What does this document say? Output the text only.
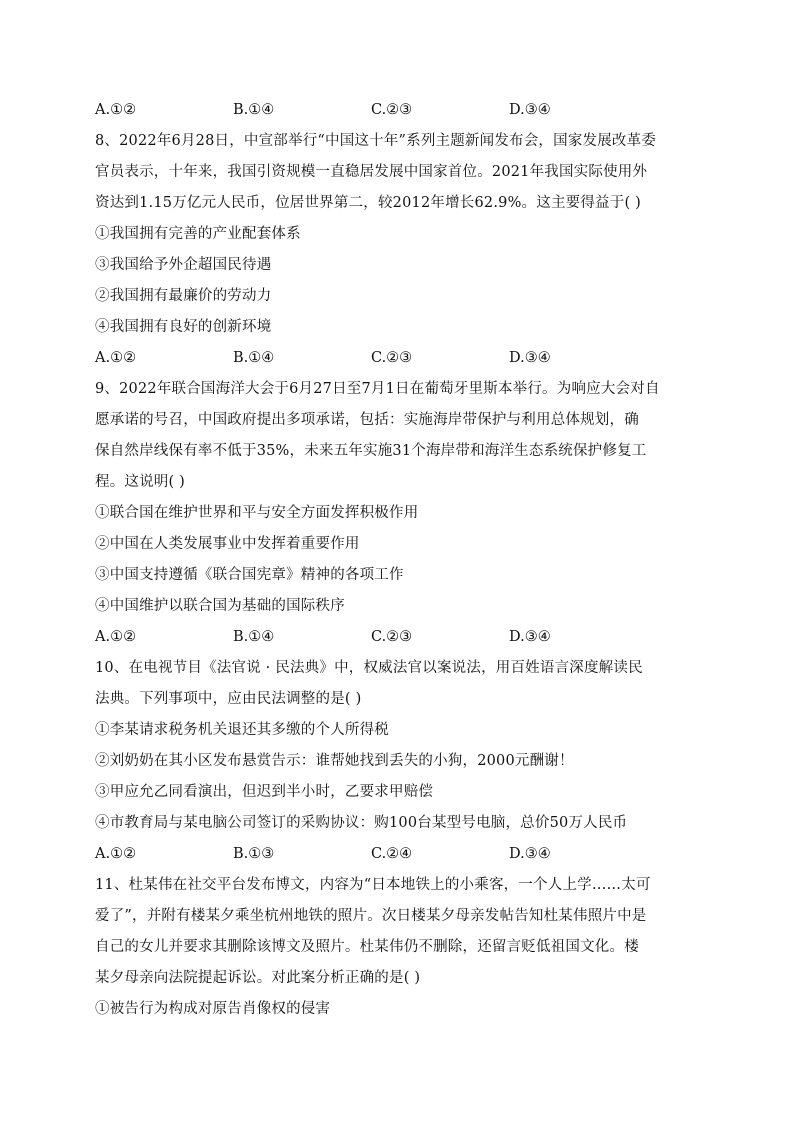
A.①②	B.①④	C.②③	D.③④
8、2022年6月28日，中宣部举行“中国这十年”系列主题新闻发布会，国家发展改革委
官员表示，十年来，我国引资规模一直稳居发展中国家首位。2021年我国实际使用外
资达到1.15万亿元人民币，位居世界第二，较2012年增长62.9%。这主要得益于( )
①我国拥有完善的产业配套体系
③我国给予外企超国民待遇
②我国拥有最廉价的劳动力
④我国拥有良好的创新环境
A.①②	B.①④	C.②③	D.③④
9、2022年联合国海洋大会于6月27日至7月1日在葡萄牙里斯本举行。为响应大会对自
愿承诺的号召，中国政府提出多项承诺，包括：实施海岸带保护与利用总体规划，确
保自然岸线保有率不低于35%，未来五年实施31个海岸带和海洋生态系统保护修复工
程。这说明( )
①联合国在维护世界和平与安全方面发挥积极作用
②中国在人类发展事业中发挥着重要作用
③中国支持遵循《联合国宪章》精神的各项工作
④中国维护以联合国为基础的国际秩序
A.①②	B.①④	C.②③	D.③④
10、在电视节目《法官说 · 民法典》中，权威法官以案说法，用百姓语言深度解读民
法典。下列事项中，应由民法调整的是( )
①李某请求税务机关退还其多缴的个人所得税
②刘奶奶在其小区发布悬赏告示：谁帮她找到丢失的小狗，2000元酬谢！
③甲应允乙同看演出，但迟到半小时，乙要求甲赔偿
④市教育局与某电脑公司签订的采购协议：购100台某型号电脑，总价50万人民币
A.①②	B.①③	C.②④	D.③④
11、杜某伟在社交平台发布博文，内容为“日本地铁上的小乘客，一个人上学……太可
爱了”，并附有楼某夕乘坐杭州地铁的照片。次日楼某夕母亲发帖告知杜某伟照片中是
自己的女儿并要求其删除该博文及照片。杜某伟仍不删除，还留言贬低祖国文化。楼
某夕母亲向法院提起诉讼。对此案分析正确的是( )
①被告行为构成对原告肖像权的侵害
